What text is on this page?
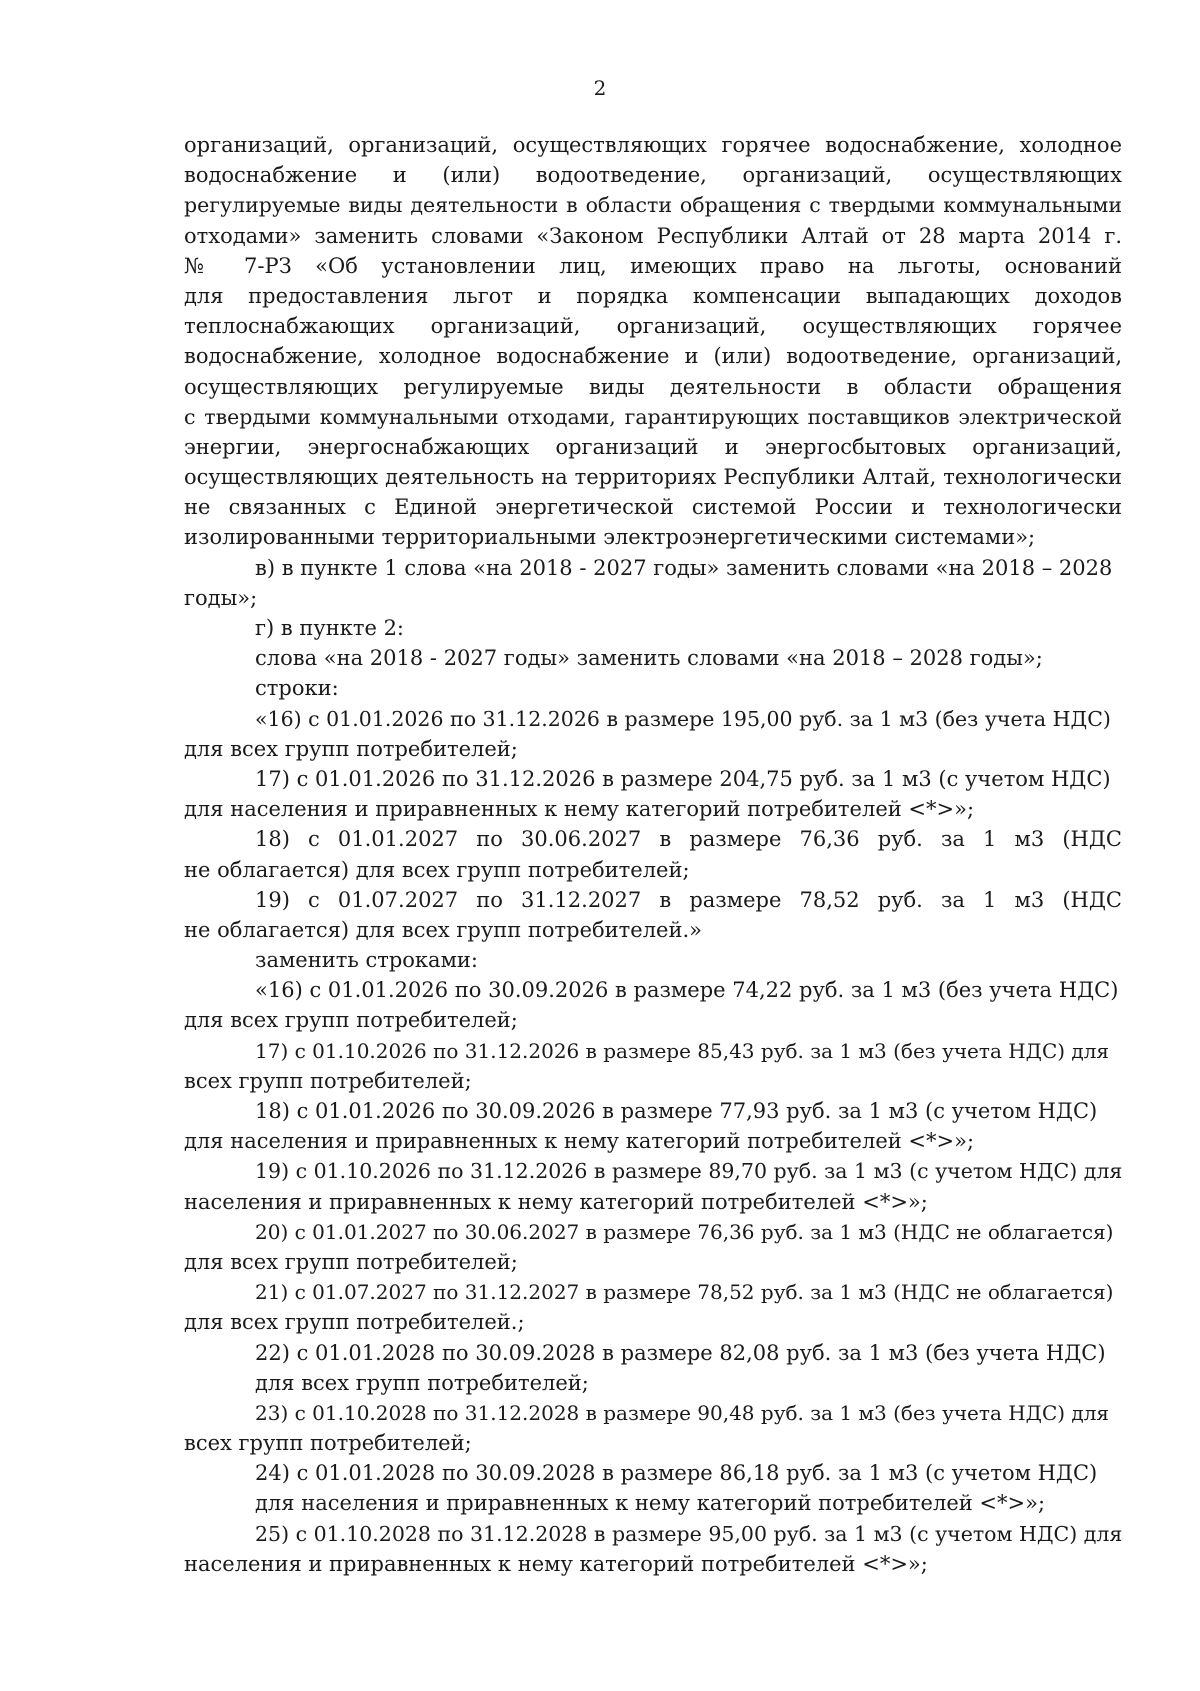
2
организаций, организаций, осуществляющих горячее водоснабжение, холодное
водоснабжение и (или) водоотведение, организаций, осуществляющих
регулируемые виды деятельности в области обращения с твердыми коммунальными
отходами» заменить словами «Законом Республики Алтай от 28 марта 2014 г.
№ 7-РЗ «Об установлении лиц, имеющих право на льготы, оснований
для предоставления льгот и порядка компенсации выпадающих доходов
теплоснабжающих организаций, организаций, осуществляющих горячее
водоснабжение, холодное водоснабжение и (или) водоотведение, организаций,
осуществляющих регулируемые виды деятельности в области обращения
с твердыми коммунальными отходами, гарантирующих поставщиков электрической
энергии, энергоснабжающих организаций и энергосбытовых организаций,
осуществляющих деятельность на территориях Республики Алтай, технологически
не связанных с Единой энергетической системой России и технологически
изолированными территориальными электроэнергетическими системами»;
в) в пункте 1 слова «на 2018 - 2027 годы» заменить словами «на 2018 – 2028
годы»;
г) в пункте 2:
слова «на 2018 - 2027 годы» заменить словами «на 2018 – 2028 годы»;
строки:
«16) с 01.01.2026 по 31.12.2026 в размере 195,00 руб. за 1 м3 (без учета НДС)
для всех групп потребителей;
17) с 01.01.2026 по 31.12.2026 в размере 204,75 руб. за 1 м3 (с учетом НДС)
для населения и приравненных к нему категорий потребителей <*>»;
18) с 01.01.2027 по 30.06.2027 в размере 76,36 руб. за 1 м3 (НДС
не облагается) для всех групп потребителей;
19) с 01.07.2027 по 31.12.2027 в размере 78,52 руб. за 1 м3 (НДС
не облагается) для всех групп потребителей.»
заменить строками:
«16) с 01.01.2026 по 30.09.2026 в размере 74,22 руб. за 1 м3 (без учета НДС)
для всех групп потребителей;
17) с 01.10.2026 по 31.12.2026 в размере 85,43 руб. за 1 м3 (без учета НДС) для
всех групп потребителей;
18) с 01.01.2026 по 30.09.2026 в размере 77,93 руб. за 1 м3 (с учетом НДС)
для населения и приравненных к нему категорий потребителей <*>»;
19) с 01.10.2026 по 31.12.2026 в размере 89,70 руб. за 1 м3 (с учетом НДС) для
населения и приравненных к нему категорий потребителей <*>»;
20) с 01.01.2027 по 30.06.2027 в размере 76,36 руб. за 1 м3 (НДС не облагается)
для всех групп потребителей;
21) с 01.07.2027 по 31.12.2027 в размере 78,52 руб. за 1 м3 (НДС не облагается)
для всех групп потребителей.;
22) с 01.01.2028 по 30.09.2028 в размере 82,08 руб. за 1 м3 (без учета НДС)
для всех групп потребителей;
23) с 01.10.2028 по 31.12.2028 в размере 90,48 руб. за 1 м3 (без учета НДС) для
всех групп потребителей;
24) с 01.01.2028 по 30.09.2028 в размере 86,18 руб. за 1 м3 (с учетом НДС)
для населения и приравненных к нему категорий потребителей <*>»;
25) с 01.10.2028 по 31.12.2028 в размере 95,00 руб. за 1 м3 (с учетом НДС) для
населения и приравненных к нему категорий потребителей <*>»;
